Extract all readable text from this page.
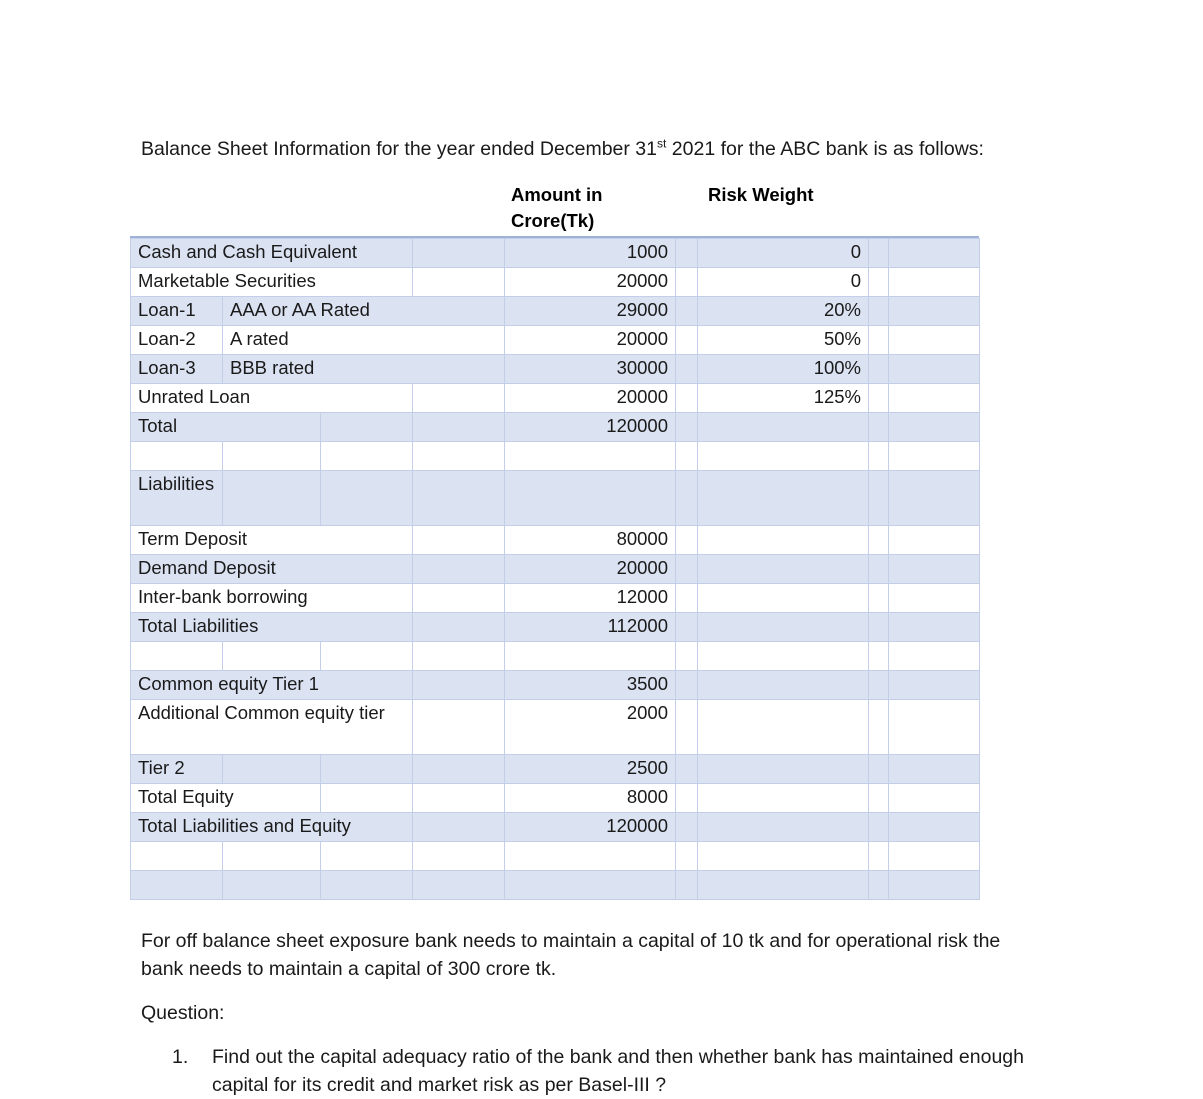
Balance Sheet Information for the year ended December 31st 2021 for the ABC bank is as follows:
Amount in Crore(Tk)
Risk Weight
Cash and Cash Equivalent				1000		0		
Marketable Securities				20000		0		
Loan-1	AAA or AA Rated			29000		20%		
Loan-2	A rated			20000		50%		
Loan-3	BBB rated			30000		100%		
Unrated Loan				20000		125%		
Total				120000				

Liabilities								
Term Deposit				80000				
Demand Deposit				20000				
Inter-bank borrowing				12000				
Total Liabilities				112000				

Common equity Tier 1				3500				
Additional Common equity tier				2000				
Tier 2				2500				
Total Equity				8000				
Total Liabilities and Equity				120000				

For off balance sheet exposure bank needs to maintain a capital of 10 tk and for operational risk the bank needs to maintain a capital of 300 crore tk.
Question:
1. Find out the capital adequacy ratio of the bank and then whether bank has maintained enough capital for its credit and market risk as per Basel-III ?
